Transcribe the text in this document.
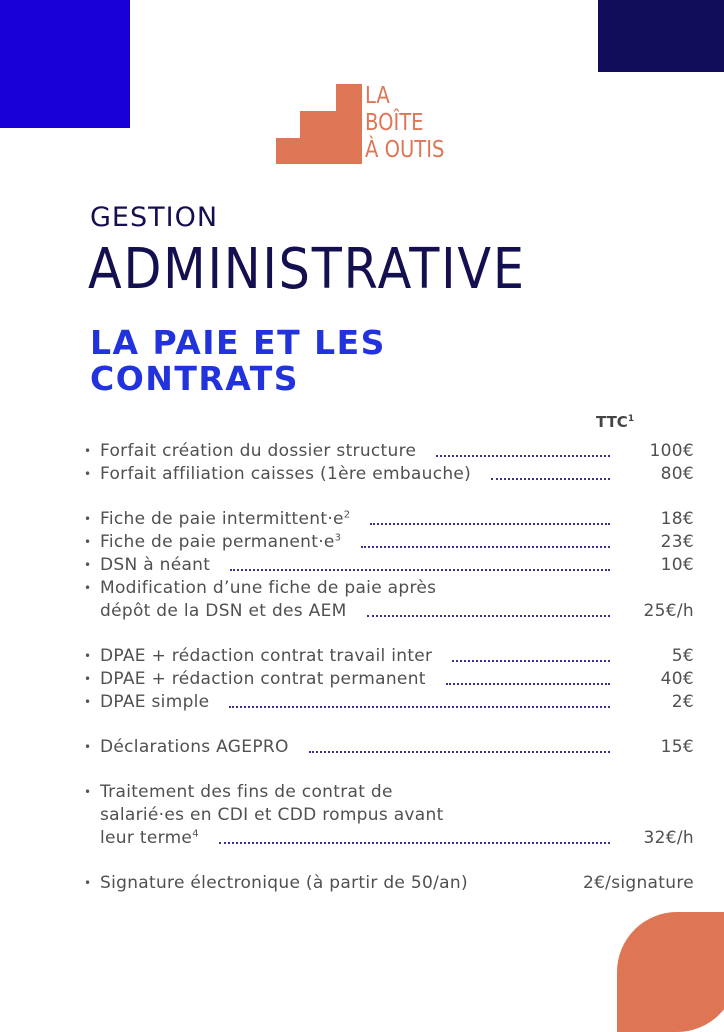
LA
BOÎTE
À OUTIS
GESTION
ADMINISTRATIVE
LA PAIE ET LES
CONTRATS
TTC$^1$
• Forfait création du dossier structure	100€
• Forfait affiliation caisses (1ère embauche)	80€
• Fiche de paie $intermittent\cdot e^2$	18€
• Fiche de paie $permanent\cdot e^3$	23€
• DSN à néant	10€
• Modification d’une fiche de paie après
dépôt de la DSN et des AEM	25€/h
• DPAE + rédaction contrat travail inter	5€
• DPAE + rédaction contrat permanent	40€
• DPAE simple	2€
• Déclarations AGEPRO	15€
• Traitement des fins de contrat de
salarié·es en CDI et CDD rompus avant
leur terme$^4$	32€/h
• Signature électronique (à partir de 50/an)	2€/signature
